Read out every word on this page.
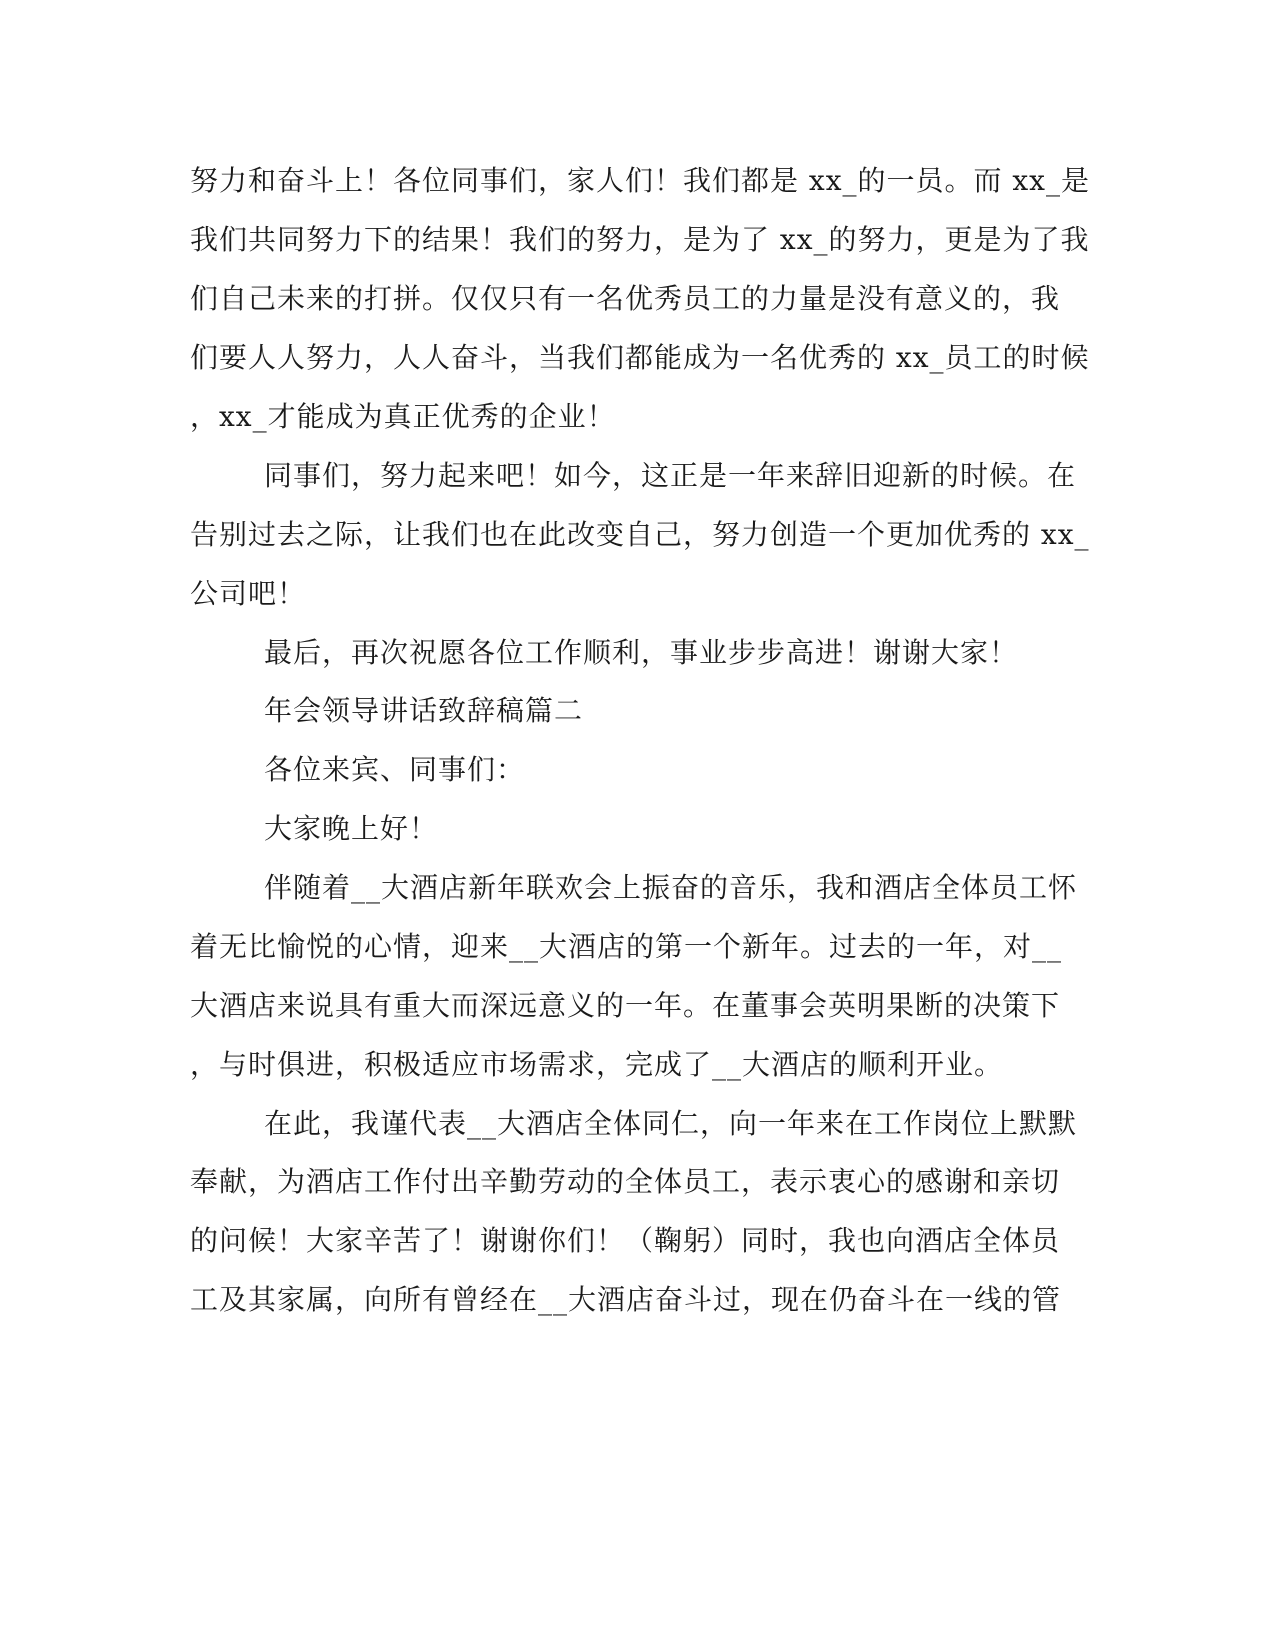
努力和奋斗上！各位同事们，家人们！我们都是 xx_的一员。而 xx_是
我们共同努力下的结果！我们的努力，是为了 xx_的努力，更是为了我
们自己未来的打拼。仅仅只有一名优秀员工的力量是没有意义的，我
们要人人努力，人人奋斗，当我们都能成为一名优秀的 xx_员工的时候
，xx_才能成为真正优秀的企业！
同事们，努力起来吧！如今，这正是一年来辞旧迎新的时候。在
告别过去之际，让我们也在此改变自己，努力创造一个更加优秀的 xx_
公司吧！
最后，再次祝愿各位工作顺利，事业步步高进！谢谢大家！
年会领导讲话致辞稿篇二
各位来宾、同事们：
大家晚上好！
伴随着__大酒店新年联欢会上振奋的音乐，我和酒店全体员工怀
着无比愉悦的心情，迎来__大酒店的第一个新年。过去的一年，对__
大酒店来说具有重大而深远意义的一年。在董事会英明果断的决策下
，与时俱进，积极适应市场需求，完成了__大酒店的顺利开业。
在此，我谨代表__大酒店全体同仁，向一年来在工作岗位上默默
奉献，为酒店工作付出辛勤劳动的全体员工，表示衷心的感谢和亲切
的问候！大家辛苦了！谢谢你们！（鞠躬）同时，我也向酒店全体员
工及其家属，向所有曾经在__大酒店奋斗过，现在仍奋斗在一线的管
